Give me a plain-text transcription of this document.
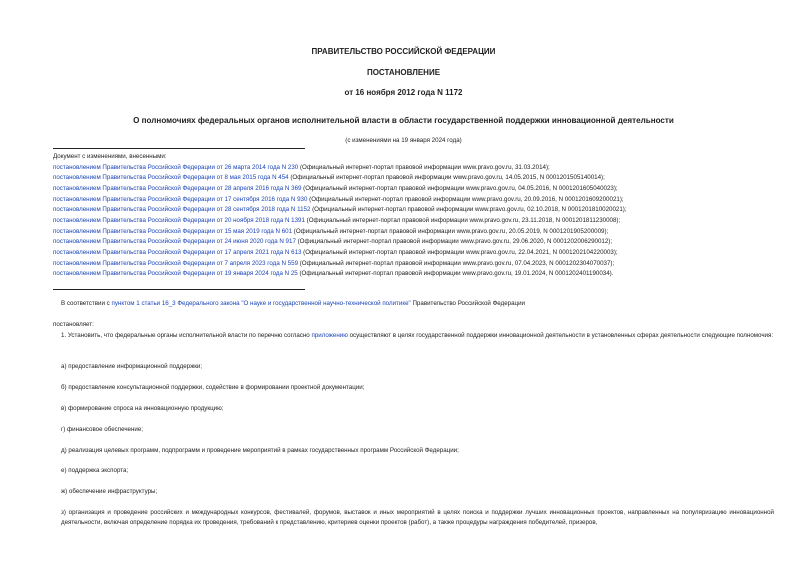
ПРАВИТЕЛЬСТВО РОССИЙСКОЙ ФЕДЕРАЦИИ
ПОСТАНОВЛЕНИЕ
от 16 ноября 2012 года N 1172
О полномочиях федеральных органов исполнительной власти в области государственной поддержки инновационной деятельности
(с изменениями на 19 января 2024 года)
Документ с изменениями, внесенными:
постановлением Правительства Российской Федерации от 26 марта 2014 года N 230 (Официальный интернет-портал правовой информации www.pravo.gov.ru, 31.03.2014);
постановлением Правительства Российской Федерации от 8 мая 2015 года N 454 (Официальный интернет-портал правовой информации www.pravo.gov.ru, 14.05.2015, N 0001201505140014);
постановлением Правительства Российской Федерации от 28 апреля 2016 года N 369 (Официальный интернет-портал правовой информации www.pravo.gov.ru, 04.05.2016, N 0001201605040023);
постановлением Правительства Российской Федерации от 17 сентября 2016 года N 930 (Официальный интернет-портал правовой информации www.pravo.gov.ru, 20.09.2016, N 0001201609200021);
постановлением Правительства Российской Федерации от 28 сентября 2018 года N 1152 (Официальный интернет-портал правовой информации www.pravo.gov.ru, 02.10.2018, N 0001201810020021);
постановлением Правительства Российской Федерации от 20 ноября 2018 года N 1391 (Официальный интернет-портал правовой информации www.pravo.gov.ru, 23.11.2018, N 0001201811230008);
постановлением Правительства Российской Федерации от 15 мая 2019 года N 601 (Официальный интернет-портал правовой информации www.pravo.gov.ru, 20.05.2019, N 0001201905200009);
постановлением Правительства Российской Федерации от 24 июня 2020 года N 917 (Официальный интернет-портал правовой информации www.pravo.gov.ru, 29.06.2020, N 0001202006290012);
постановлением Правительства Российской Федерации от 17 апреля 2021 года N 613 (Официальный интернет-портал правовой информации www.pravo.gov.ru, 22.04.2021, N 0001202104220003);
постановлением Правительства Российской Федерации от 7 апреля 2023 года N 559 (Официальный интернет-портал правовой информации www.pravo.gov.ru, 07.04.2023, N 0001202304070037);
постановлением Правительства Российской Федерации от 19 января 2024 года N 25 (Официальный интернет-портал правовой информации www.pravo.gov.ru, 19.01.2024, N 0001202401190034).
В соответствии с пунктом 1 статьи 16_3 Федерального закона "О науке и государственной научно-технической политике" Правительство Российской Федерации
постановляет:
1. Установить, что федеральные органы исполнительной власти по перечню согласно приложению осуществляют в целях государственной поддержки инновационной деятельности в установленных сферах деятельности следующие полномочия:
а) предоставление информационной поддержки;
б) предоставление консультационной поддержки, содействие в формировании проектной документации;
в) формирование спроса на инновационную продукцию;
г) финансовое обеспечение;
д) реализация целевых программ, подпрограмм и проведение мероприятий в рамках государственных программ Российской Федерации;
е) поддержка экспорта;
ж) обеспечение инфраструктуры;
з) организация и проведение российских и международных конкурсов, фестивалей, форумов, выставок и иных мероприятий в целях поиска и поддержки лучших инновационных проектов, направленных на популяризацию инновационной деятельности, включая определение порядка их проведения, требований к представлению, критериев оценки проектов (работ), а также процедуры награждения победителей, призеров,
